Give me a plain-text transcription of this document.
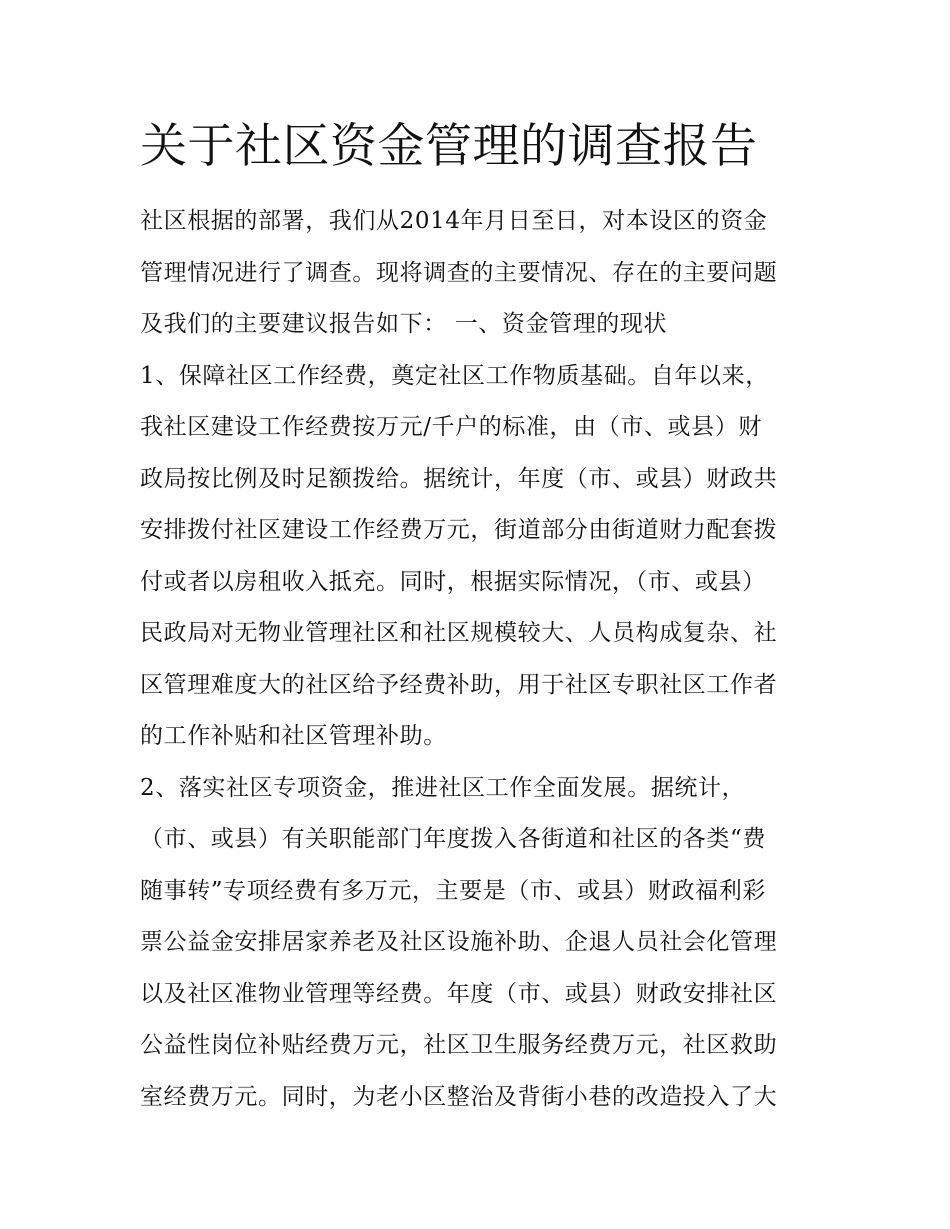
关于社区资金管理的调查报告
社区根据的部署，我们从2014年月日至日，对本设区的资金
管理情况进行了调查。现将调查的主要情况、存在的主要问题
及我们的主要建议报告如下： 一、资金管理的现状
1、保障社区工作经费，奠定社区工作物质基础。自年以来，
我社区建设工作经费按万元/千户的标准，由（市、或县）财
政局按比例及时足额拨给。据统计，年度（市、或县）财政共
安排拨付社区建设工作经费万元，街道部分由街道财力配套拨
付或者以房租收入抵充。同时，根据实际情况，（市、或县）
民政局对无物业管理社区和社区规模较大、人员构成复杂、社
区管理难度大的社区给予经费补助，用于社区专职社区工作者
的工作补贴和社区管理补助。
2、落实社区专项资金，推进社区工作全面发展。据统计，
（市、或县）有关职能部门年度拨入各街道和社区的各类“费
随事转”专项经费有多万元，主要是（市、或县）财政福利彩
票公益金安排居家养老及社区设施补助、企退人员社会化管理
以及社区准物业管理等经费。年度（市、或县）财政安排社区
公益性岗位补贴经费万元，社区卫生服务经费万元，社区救助
室经费万元。同时，为老小区整治及背街小巷的改造投入了大
